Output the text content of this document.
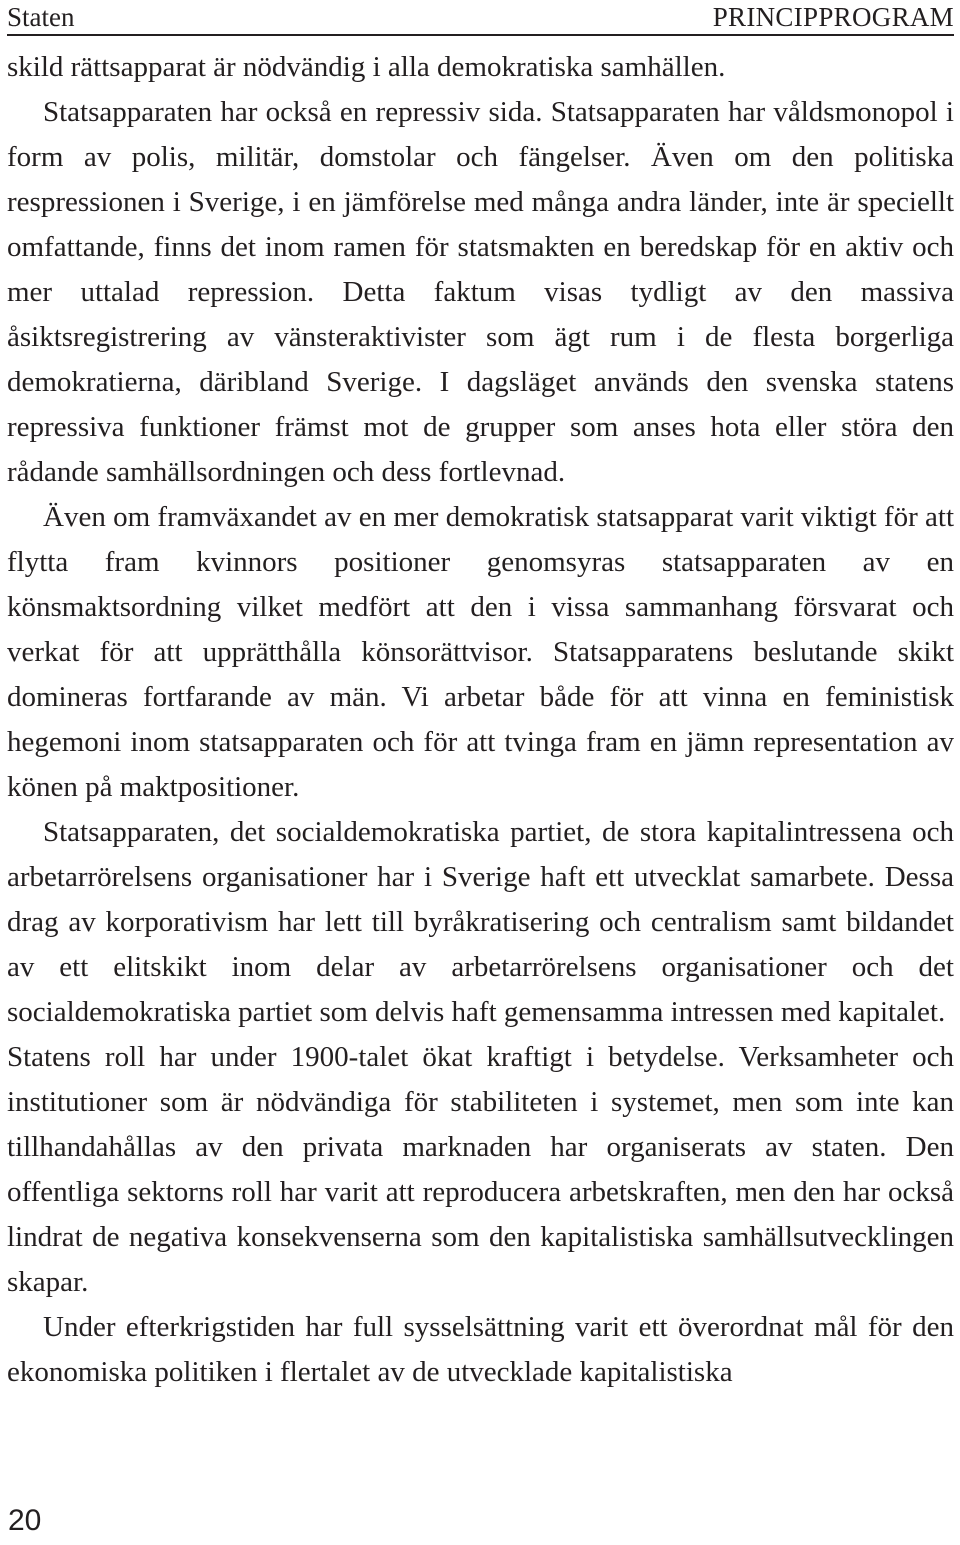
Staten	PRINCIPPROGRAM

skild rättsapparat är nödvändig i alla demokratiska samhällen.

Statsapparaten har också en repressiv sida. Statsapparaten har våldsmonopol i form av polis, militär, domstolar och fängelser. Även om den politiska respressionen i Sverige, i en jämförelse med många andra länder, inte är speciellt omfattande, finns det inom ramen för statsmakten en beredskap för en aktiv och mer uttalad repression. Detta faktum visas tydligt av den massiva åsiktsregistrering av vänsteraktivister som ägt rum i de flesta borgerliga demokratierna, däribland Sverige. I dagsläget används den svenska statens repressiva funktioner främst mot de grupper som anses hota eller störa den rådande samhällsordningen och dess fortlevnad.

Även om framväxandet av en mer demokratisk statsapparat varit viktigt för att flytta fram kvinnors positioner genomsyras statsapparaten av en könsmaktsordning vilket medfört att den i vissa sammanhang försvarat och verkat för att upprätthålla könsorättvisor. Statsapparatens beslutande skikt domineras fortfarande av män. Vi arbetar både för att vinna en feministisk hegemoni inom statsapparaten och för att tvinga fram en jämn representation av könen på maktpositioner.

Statsapparaten, det socialdemokratiska partiet, de stora kapitalintressena och arbetarrörelsens organisationer har i Sverige haft ett utvecklat samarbete. Dessa drag av korporativism har lett till byråkratisering och centralism samt bildandet av ett elitskikt inom delar av arbetarrörelsens organisationer och det socialdemokratiska partiet som delvis haft gemensamma intressen med kapitalet.

Statens roll har under 1900-talet ökat kraftigt i betydelse. Verksamheter och institutioner som är nödvändiga för stabiliteten i systemet, men som inte kan tillhandahållas av den privata marknaden har organiserats av staten. Den offentliga sektorns roll har varit att reproducera arbetskraften, men den har också lindrat de negativa konsekvenserna som den kapitalistiska samhällsutvecklingen skapar.

Under efterkrigstiden har full sysselsättning varit ett överordnat mål för den ekonomiska politiken i flertalet av de utvecklade kapitalistiska

20
